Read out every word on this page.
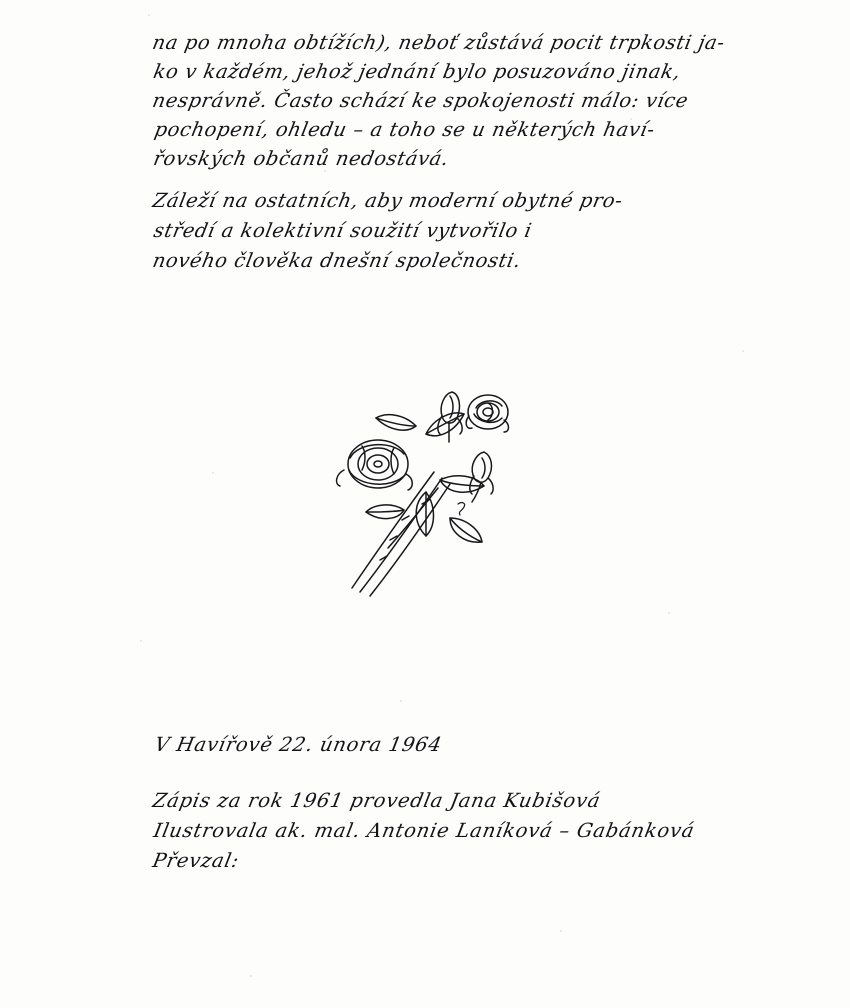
na po mnoha obtížích), neboť zůstává pocit trpkosti ja-
ko v každém, jehož jednání bylo posuzováno jinak,
nesprávně. Často schází ke spokojenosti málo: více
pochopení, ohledu – a toho se u některých haví-
řovských občanů nedostává.
Záleží na ostatních, aby moderní obytné pro-
středí a kolektivní soužití vytvořilo i
nového člověka dnešní společnosti.
V Havířově 22. února 1964
Zápis za rok 1961 provedla Jana Kubišová
Ilustrovala ak. mal. Antonie Laníková – Gabánková
Převzal:
